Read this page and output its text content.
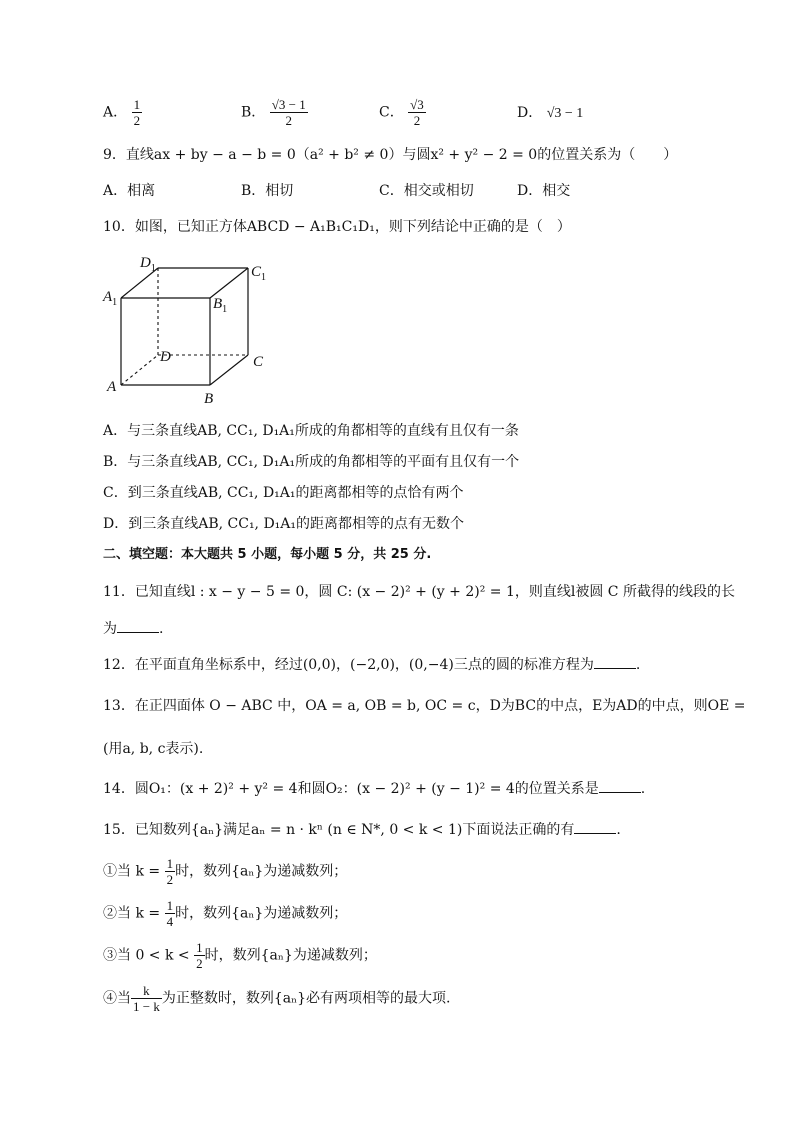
A． $\frac{1}{2}$	B． $\frac{√3 - 1}{2}$	C． $\frac{√3}{2}$	D． √3 − 1
9．直线ax + by − a − b = 0（a² + b² ≠ 0）与圆x² + y² − 2 = 0的位置关系为（　　）
A．相离	B．相切	C．相交或相切	D．相交
10．如图，已知正方体ABCD − A₁B₁C₁D₁，则下列结论中正确的是（　）
$D_1$	$C_1$
$A_1$	$B_1$
D	C
A
B
A．与三条直线AB, CC₁, D₁A₁所成的角都相等的直线有且仅有一条
B．与三条直线AB, CC₁, D₁A₁所成的角都相等的平面有且仅有一个
C．到三条直线AB, CC₁, D₁A₁的距离都相等的点恰有两个
D．到三条直线AB, CC₁, D₁A₁的距离都相等的点有无数个
二、填空题：本大题共 5 小题，每小题 5 分，共 25 分.
11．已知直线l : x − y − 5 = 0，圆 C: (x − 2)² + (y + 2)² = 1，则直线l被圆 C 所截得的线段的长
为	.
12．在平面直角坐标系中，经过(0,0)，(−2,0)，(0,−4)三点的圆的标准方程为	.
13．在正四面体 O − ABC 中，OA = a, OB = b, OC = c，D为BC的中点，E为AD的中点，则OE =
(用a, b, c表示).
14．圆O₁：(x + 2)² + y² = 4和圆O₂：(x − 2)² + (y − 1)² = 4的位置关系是	.
15．已知数列{aₙ}满足aₙ = n · kⁿ (n ∈ N*, 0 < k < 1)下面说法正确的有	.
①当 $k = \frac{1}{2}$ 时，数列{aₙ}为递减数列；
②当 $k = \frac{1}{4}$ 时，数列{aₙ}为递减数列；
③当 $0 < k < \frac{1}{2}$ 时，数列{aₙ}为递减数列；
④当 $\frac{k}{1 - k}$ 为正整数时，数列{aₙ}必有两项相等的最大项.
